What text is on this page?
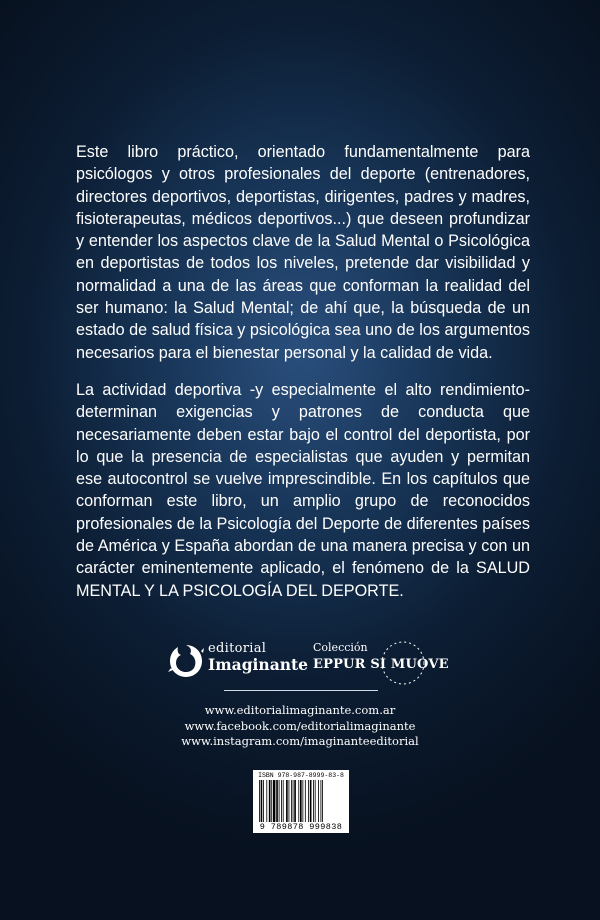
Este libro práctico, orientado fundamentalmente para psicólogos y otros profesionales del deporte (entrenadores, directores deportivos, deportistas, dirigentes, padres y madres, fisioterapeutas, médicos deportivos...) que deseen profundizar y entender los aspectos clave de la Salud Mental o Psicológica en deportistas de todos los niveles, pretende dar visibilidad y normalidad a una de las áreas que conforman la realidad del ser humano: la Salud Mental; de ahí que, la búsqueda de un estado de salud física y psicológica sea uno de los argumentos necesarios para el bienestar personal y la calidad de vida.

La actividad deportiva -y especialmente el alto rendimiento- determinan exigencias y patrones de conducta que necesariamente deben estar bajo el control del deportista, por lo que la presencia de especialistas que ayuden y permitan ese autocontrol se vuelve imprescindible. En los capítulos que conforman este libro, un amplio grupo de reconocidos profesionales de la Psicología del Deporte de diferentes países de América y España abordan de una manera precisa y con un carácter eminentemente aplicado, el fenómeno de la SALUD MENTAL Y LA PSICOLOGÍA DEL DEPORTE.

editorial
Imaginante
Colección
EPPUR SI MUOVE
www.editorialimaginante.com.ar
www.facebook.com/editorialimaginante
www.instagram.com/imaginanteeditorial
ISBN 978-987-8999-83-8
9 789878 999838
